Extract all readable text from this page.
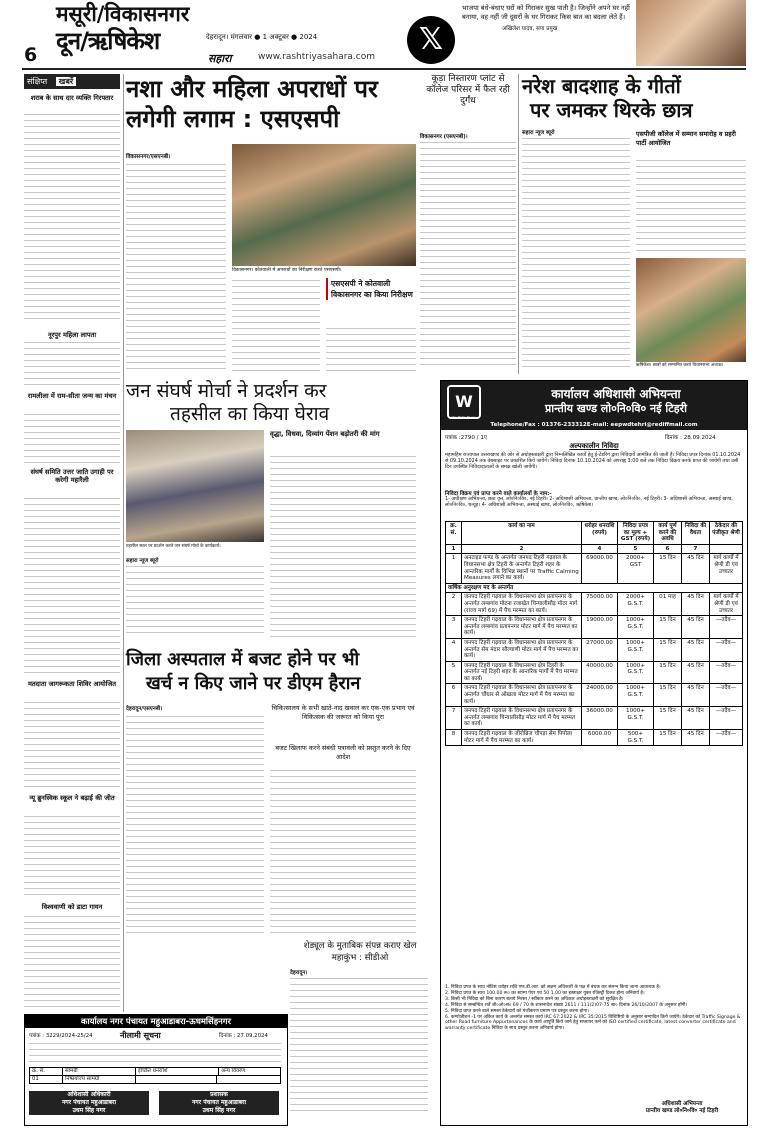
6
मसूरी/विकासनगर
दून/ऋषिकेश	देहरादून। मंगलवार ● 1 अक्टूबर ● 2024
सहारा	www.rashtriyasahara.com	𝕏
भाजपा बंधे-बंधाए घरों को गिराकर सुख पाती है। जिन्होंने अपने घर नहीं बनाया, वह नहीं जी दूसरों के घर गिराकर किस बात का बदला लेते हैं।
अखिलेश यादव, सपा प्रमुख
संक्षिप्त खबरें
शराब के साथ दार व्यक्ति गिरफ्तार
नूरपुर महिला लापता
रामलीला में राम-सीता जन्म का मंचन
संघर्ष समिति उत्तर जाति उगाही पर करेगी महारैली
मतदाता जागरूकता शिविर आयोजित
न्यू ब्रुनस्विक स्कूल ने बढ़ाई की जीत
विश्ववाणी को डाटा गायन
नशा और महिला अपराधों पर
लगेगी लगाम : एसएसपी
विकासनगर/एसएनबी।
विकासनगर। कोतवाली में अपराधों का निरीक्षण करते एसएसपी।
एसएसपी ने कोतवाली विकासनगर का किया निरीक्षण
कूड़ा निस्तारण प्लांट से कॉलेज परिसर में फैल रही दुर्गंध
विकासनगर (एसएनबी)।
नरेश बादशाह के गीतों
पर जमकर थिरके छात्र
सहारा न्यूज ब्यूरो	एसपीजी कॉलेज में सम्मान समारोह व प्रहरी पार्टी आयोजित
ऋषिकेश। छात्रों को सम्मानित करते विधानसभा अध्यक्ष।
जन संघर्ष मोर्चा ने प्रदर्शन कर
तहसील का किया घेराव
तहसील स्थल पर प्रदर्शन करते जन संघर्ष मोर्चा के कार्यकर्ता।
सहारा न्यूज ब्यूरो
वृद्धा, विधवा, दिव्यांग पेंशन बढ़ोतरी की मांग
जिला अस्पताल में बजट होने पर भी
खर्च न किए जाने पर डीएम हैरान
देहरादून/एसएनबी।	चिकित्सालय के सभी खाते-नाद खवाल कर एक-एक प्रभाग एवं विकित्सक की जरूरत को किया पूरा
बजट खिलाफ करने संबंधी पत्रावली को प्रस्तुत करने के दिए आदेश
शेड्यूल के मुताबिक संपन्न कराए खेल महाकुंभ : सीडीओ
देहरादून।
कार्यालय नगर पंचायत महुआडाबरा-ऊधमसिंहनगर
पत्रांक : 3229/2024-25/24	नीलामी सूचना	दिनांक : 27.09.2024
क्र. सं.	सामग्री	इच्छित धनराशि	अन्य विवरण
01	निष्प्रयोज्य सामग्री
अधिशासी अधिकारी
नगर पंचायत महुआडाबरा
उधम सिंह नगर
प्रशासक
नगर पंचायत महुआडाबरा
उधम सिंह नगर
W
लोक निर्माण विभाग
कार्यालय अधिशासी अभियन्ता
प्रान्तीय खण्ड लो०नि०वि० नई टिहरी
Telephone/Fax : 01376-233312E-mail: eepwdtehri@rediffmail.com
पत्रांक :2790 / 1ए	दिनांक : 28.09.2024
अल्पकालीन निविदा
महामहिम राज्यपाल उत्तराखण्ड की ओर से अधोहस्ताक्षरी द्वारा निम्नलिखित कार्यों हेतु ई-टेंडरिंग द्वारा निविदायें आमंत्रित की जाती हैं। निविदा प्रपत्र दिनांक 01.10.2024 से 09.10.2024 तक वेबसाइट पर प्रकाशित किये जायेंगे। निविदा दिनांक 10.10.2024 को अपराह्न 3:00 बजे तक निविदा विक्रय करके प्राप्त की जायेंगी तथा उसी दिन उपस्थित निविदादाताओं के समक्ष खोली जायेंगी।
निविदा विक्रय एवं प्राप्त करने वाले कार्यालयों के नाम:-
1- अधीक्षण अभियन्ता, छठा वृत्त, लो०नि०वि०, नई टिहरी। 2- अधिशासी अभियन्ता, प्रान्तीय खण्ड, लो०नि०वि०, नई टिहरी। 3- अधिशासी अभियन्ता, अस्थाई खण्ड, लो०नि०वि०, थत्यूड़। 4- अधिशासी अभियन्ता, अस्थाई खण्ड, लो०नि०वि०, ऋषिकेश।
क्र. सं.	कार्य का नाम	धरोहर धनराशि (रुपये)	निविदा प्रपत्र का मूल्य + GST (रुपये)	कार्य पूर्ण करने की अवधि	निविदा की वैधता	ठेकेदार की पंजीकृत श्रेणी
1	2	4	5	6	7	
1	अनटाइड फण्ड के अन्तर्गत जनपद टिहरी गढ़वाल के विधानसभा क्षेत्र टिहरी के अन्तर्गत टिहरी शहर के आन्तरिक मार्गों के विभिन्न स्थानों पर Traffic Calming Measures लगाने का कार्य।	69000.00	2000+ GST	15 दिन	45 दिन	मार्ग कार्यों में श्रेणी डी एवं उच्चतर
वार्षिक अनुरक्षण मद के अन्तर्गत						
2	जनपद टिहरी गढ़वाल के विधानसभा क्षेत्र प्रतापनगर के अन्तर्गत लम्बगांव मोटना रजाखेत चिन्यालीसौड़ मोटर मार्ग (राज्य मार्ग 69) में पैच मरम्मत का कार्य।	75000.00	2000+ G.S.T.	01 माह	45 दिन	मार्ग कार्यों में श्रेणी डी एवं उच्चतर
3	जनपद टिहरी गढ़वाल के विधानसभा क्षेत्र प्रतापनगर के अन्तर्गत लम्बगांव प्रतापनगर मोटर मार्ग में पैच मरम्मत का कार्य।	19000.00	1000+ G.S.T.	15 दिन	45 दिन	—तदैव—
4	जनपद टिहरी गढ़वाल के विधानसभा क्षेत्र प्रतापनगर के अन्तर्गत सेम मंदार सौल्याणी मोटर मार्ग में पैच मरम्मत का कार्य।	27000.00	1000+ G.S.T.	15 दिन	45 दिन	—तदैव—
5	जनपद टिहरी गढ़वाल के विधानसभा क्षेत्र टिहरी के अन्तर्गत नई टिहरी शहर के आन्तरिक मार्गों में पैच मरम्मत का कार्य।	40000.00	1000+ G.S.T.	15 दिन	45 दिन	—तदैव—
6	जनपद टिहरी गढ़वाल के विधानसभा क्षेत्र प्रतापनगर के अन्तर्गत चौंधार से ओखला मोटर मार्ग में पैच मरम्मत का कार्य।	24000.00	1000+ G.S.T.	15 दिन	45 दिन	—तदैव—
7	जनपद टिहरी गढ़वाल के विधानसभा क्षेत्र प्रतापनगर के अन्तर्गत लम्बगांव चिन्यालीसौड़ मोटर मार्ग में पैच मरम्मत का कार्य।	36000.00	1000+ G.S.T.	15 दिन	45 दिन	—तदैव—
8	जनपद टिहरी गढ़वाल के जीरोब्रिज चौपड़ा सेम पिपोला मोटर मार्ग में पैच मरम्मत का कार्य।	6000.00	500+ G.S.T.	15 दिन	45 दिन	—तदैव—
1. निविदा प्रपत्र के साथ नोटिस धरोहर राशि एफ.डी.आर. को सक्षम अधिकारी के पक्ष में बंधक कर संलग्न किया जाना आवश्यक है।
2. निविदा प्रपत्र के साथ 100.00 रू० का स्टाम्प पेपर एवं 50 1.00 का हस्ताक्षर युक्त रजिस्ट्री टिकट होना अनिवार्य है।
3. किसी भी निविदा को बिना कारण बताये निरस्त / स्वीकार करने का अधिकार अधोहस्ताक्षरी को सुरक्षित है।
4. निविदा से सम्बन्धित शर्तें जी०ओ०सं० 69 / 70 के शासनादेश संख्या 2611 / 111(2)07-75 सा० दिनांक 26/10/2007 के अनुसार होंगी।
5. निविदा प्राप्त करने वाले समस्त ठेकेदारों को पंजीकरण प्रमाण पत्र प्रस्तुत करना होगा।
6. कम्पोज़ीशन -1 पर अंकित कार्य के अन्तर्गत समस्त कार्य IRC 67:2022 & IRC 35:2015 विशिष्टियों के अनुसार सम्पादित किये जायेंगे। ठेकेदार को Traffic Signage & other Road furniture Appurtenances के कार्य आपूर्ति किये जाने हेतु सप्लायर फर्म को ISO certified certificate, latest converter certificate and warranty certificate निविदा के साथ प्रस्तुत करना अनिवार्य होगा।
अधिशासी अभियन्ता
प्रान्तीय खण्ड लो०नि०वि० नई टिहरी
